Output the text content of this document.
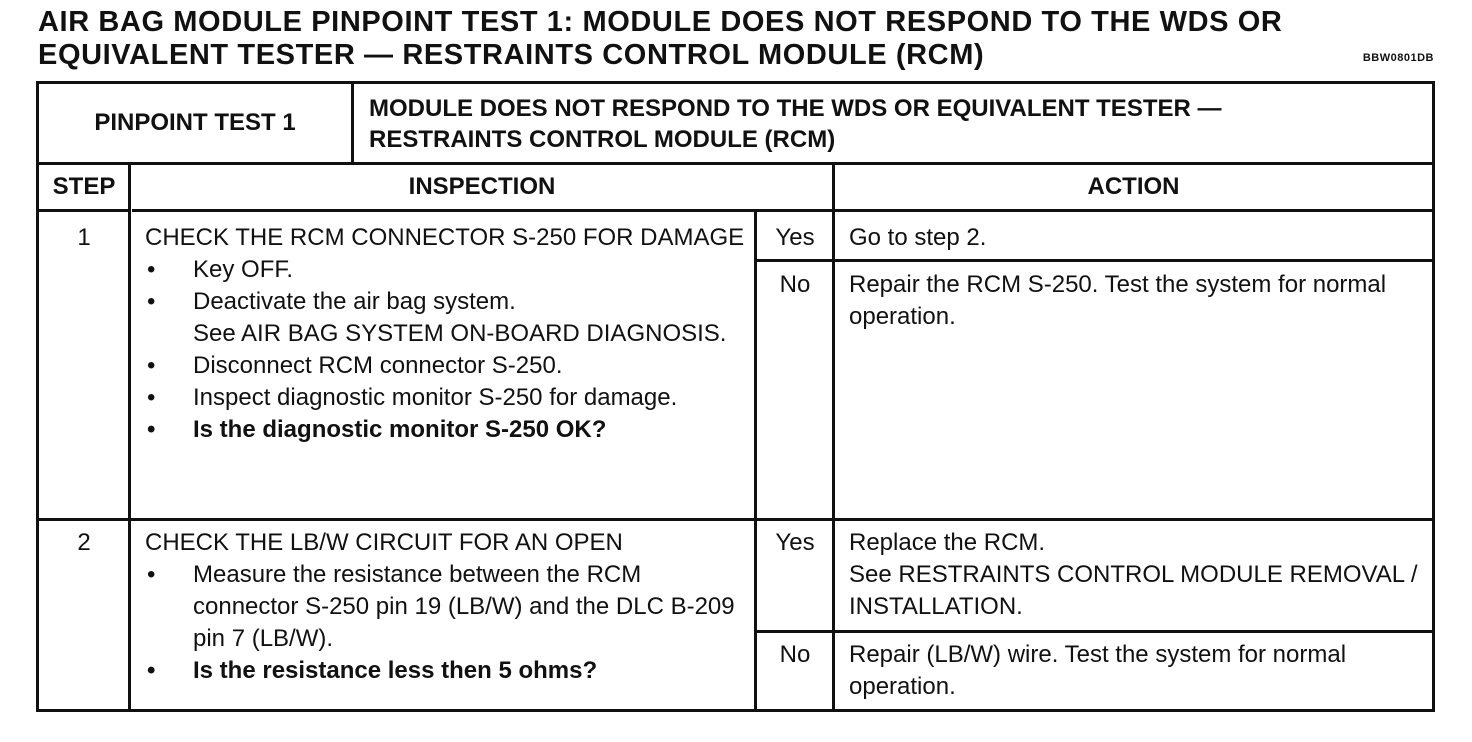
AIR BAG MODULE PINPOINT TEST 1: MODULE DOES NOT RESPOND TO THE WDS OR
EQUIVALENT TESTER — RESTRAINTS CONTROL MODULE (RCM)	BBW0801DB
PINPOINT TEST 1
MODULE DOES NOT RESPOND TO THE WDS OR EQUIVALENT TESTER —
RESTRAINTS CONTROL MODULE (RCM)
STEP	INSPECTION	ACTION
1	CHECK THE RCM CONNECTOR S-250 FOR DAMAGE
• Key OFF.
• Deactivate the air bag system.
See AIR BAG SYSTEM ON-BOARD DIAGNOSIS.
• Disconnect RCM connector S-250.
• Inspect diagnostic monitor S-250 for damage.
• Is the diagnostic monitor S-250 OK?
Yes	Go to step 2.
No	Repair the RCM S-250. Test the system for normal operation.
2	CHECK THE LB/W CIRCUIT FOR AN OPEN
• Measure the resistance between the RCM connector S-250 pin 19 (LB/W) and the DLC B-209 pin 7 (LB/W).
• Is the resistance less then 5 ohms?
Yes	Replace the RCM.
See RESTRAINTS CONTROL MODULE REMOVAL / INSTALLATION.
No	Repair (LB/W) wire. Test the system for normal operation.
